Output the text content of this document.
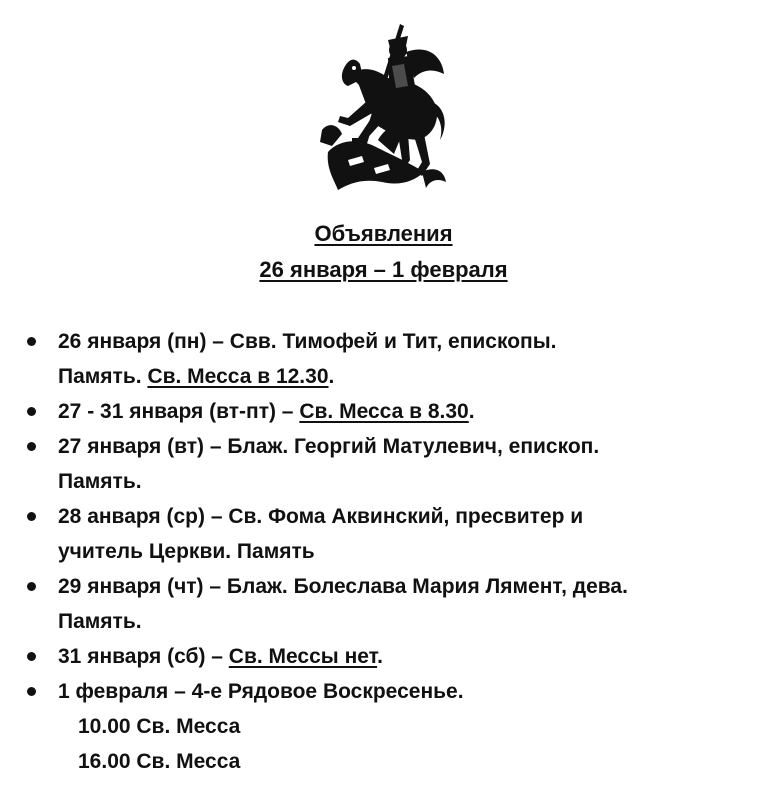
Объявления
26 января – 1 февраля
26 января (пн) – Свв. Тимофей и Тит, епископы.
Память. Св. Месса в 12.30.
27 - 31 января (вт-пт) – Св. Месса в 8.30.
27 января (вт) – Блаж. Георгий Матулевич, епископ.
Память.
28 анваря (ср) – Св. Фома Аквинский, пресвитер и
учитель Церкви. Память
29 января (чт) – Блаж. Болеслава Мария Лямент, дева.
Память.
31 января (сб) – Св. Мессы нет.
1 февраля – 4-е Рядовое Воскресенье.
10.00 Св. Месса
16.00 Св. Месса
